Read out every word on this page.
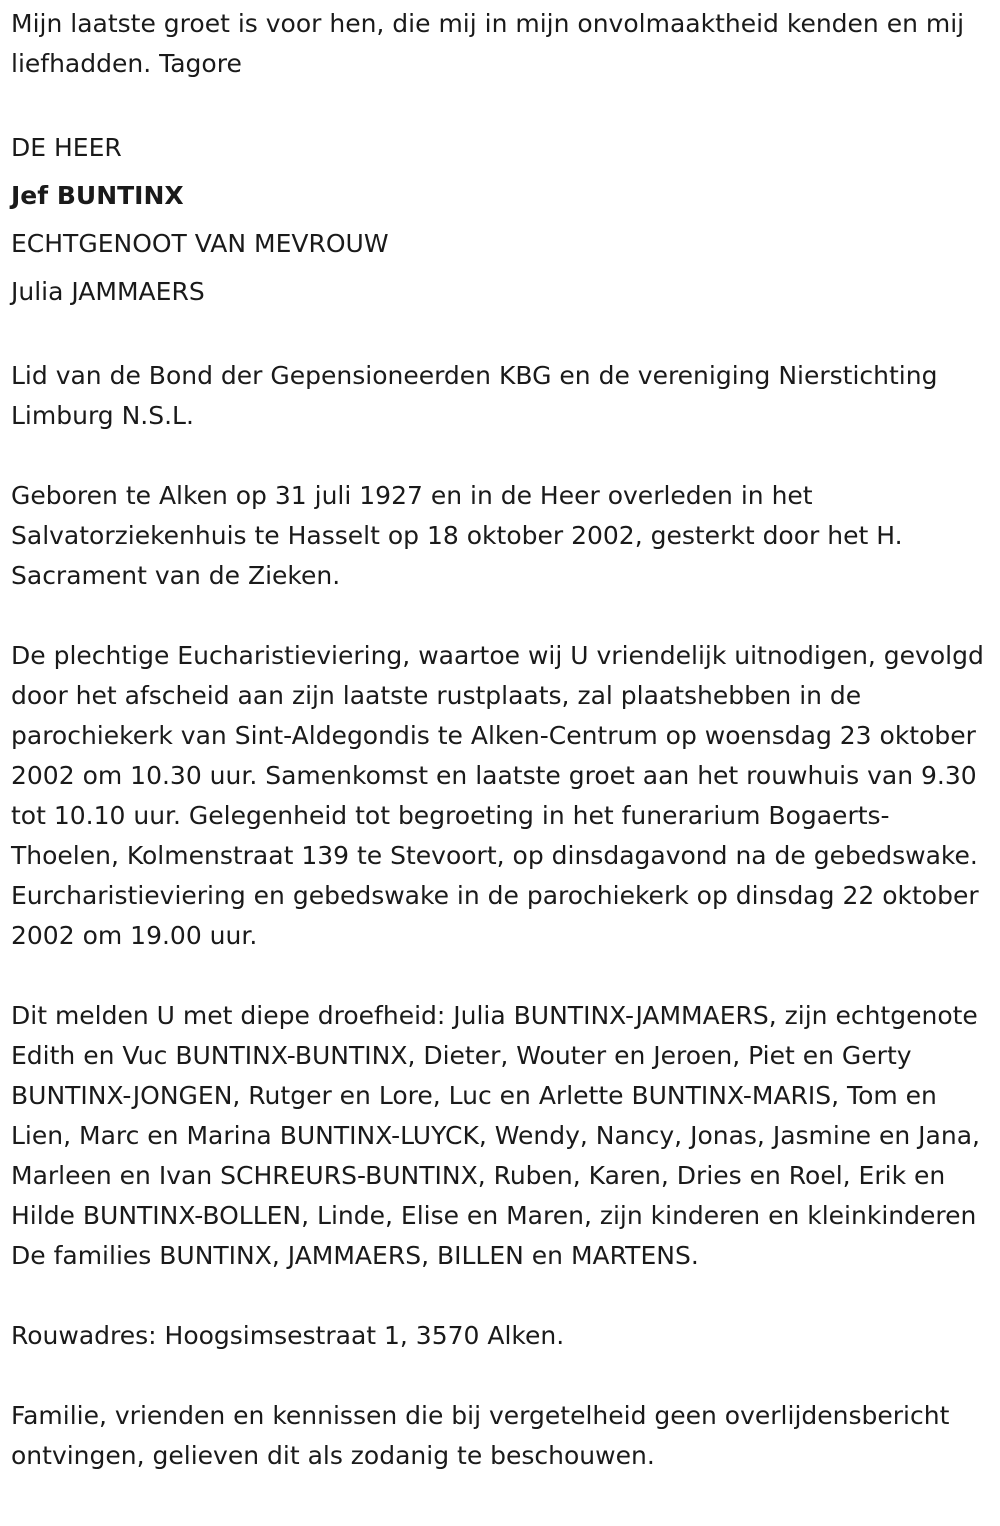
Mijn laatste groet is voor hen, die mij in mijn onvolmaaktheid kenden en mij liefhadden. Tagore

DE HEER
Jef BUNTINX
ECHTGENOOT VAN MEVROUW
Julia JAMMAERS

Lid van de Bond der Gepensioneerden KBG en de vereniging Nierstichting Limburg N.S.L.

Geboren te Alken op 31 juli 1927 en in de Heer overleden in het Salvatorziekenhuis te Hasselt op 18 oktober 2002, gesterkt door het H. Sacrament van de Zieken.

De plechtige Eucharistieviering, waartoe wij U vriendelijk uitnodigen, gevolgd door het afscheid aan zijn laatste rustplaats, zal plaatshebben in de parochiekerk van Sint-Aldegondis te Alken-Centrum op woensdag 23 oktober 2002 om 10.30 uur. Samenkomst en laatste groet aan het rouwhuis van 9.30 tot 10.10 uur. Gelegenheid tot begroeting in het funerarium Bogaerts-Thoelen, Kolmenstraat 139 te Stevoort, op dinsdagavond na de gebedswake. Eurcharistieviering en gebedswake in de parochiekerk op dinsdag 22 oktober 2002 om 19.00 uur.

Dit melden U met diepe droefheid: Julia BUNTINX-JAMMAERS, zijn echtgenote Edith en Vuc BUNTINX-BUNTINX, Dieter, Wouter en Jeroen, Piet en Gerty BUNTINX-JONGEN, Rutger en Lore, Luc en Arlette BUNTINX-MARIS, Tom en Lien, Marc en Marina BUNTINX-LUYCK, Wendy, Nancy, Jonas, Jasmine en Jana, Marleen en Ivan SCHREURS-BUNTINX, Ruben, Karen, Dries en Roel, Erik en Hilde BUNTINX-BOLLEN, Linde, Elise en Maren, zijn kinderen en kleinkinderen De families BUNTINX, JAMMAERS, BILLEN en MARTENS.

Rouwadres: Hoogsimsestraat 1, 3570 Alken.

Familie, vrienden en kennissen die bij vergetelheid geen overlijdensbericht ontvingen, gelieven dit als zodanig te beschouwen.
